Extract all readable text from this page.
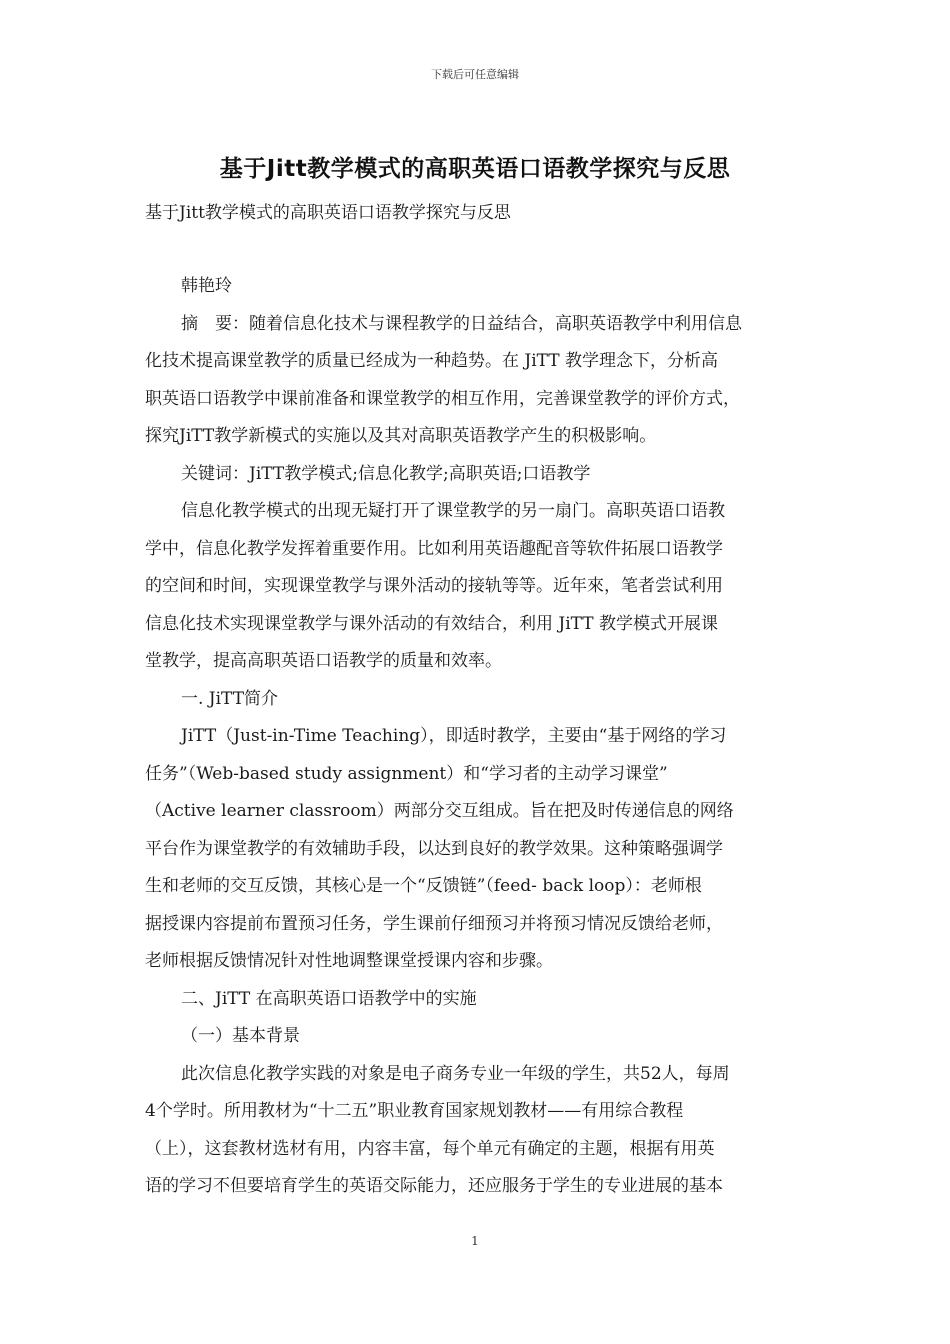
下载后可任意编辑
基于Jitt教学模式的高职英语口语教学探究与反思
基于Jitt教学模式的高职英语口语教学探究与反思
韩艳玲
摘　要：随着信息化技术与课程教学的日益结合，高职英语教学中利用信息
化技术提高课堂教学的质量已经成为一种趋势。在 JiTT 教学理念下，分析高
职英语口语教学中课前准备和课堂教学的相互作用，完善课堂教学的评价方式，
探究JiTT教学新模式的实施以及其对高职英语教学产生的积极影响。
关键词：JiTT教学模式;信息化教学;高职英语;口语教学
信息化教学模式的出现无疑打开了课堂教学的另一扇门。高职英语口语教
学中，信息化教学发挥着重要作用。比如利用英语趣配音等软件拓展口语教学
的空间和时间，实现课堂教学与课外活动的接轨等等。近年來，笔者尝试利用
信息化技术实现课堂教学与课外活动的有效结合，利用 JiTT 教学模式开展课
堂教学，提高高职英语口语教学的质量和效率。
一. JiTT简介
JiTT（Just-in-Time Teaching），即适时教学，主要由“基于网络的学习
任务”（Web-based study assignment）和“学习者的主动学习课堂”
（Active learner classroom）两部分交互组成。旨在把及时传递信息的网络
平台作为课堂教学的有效辅助手段，以达到良好的教学效果。这种策略强调学
生和老师的交互反馈，其核心是一个“反馈链”（feed- back loop）：老师根
据授课内容提前布置预习任务，学生课前仔细预习并将预习情况反馈给老师，
老师根据反馈情况针对性地调整课堂授课内容和步骤。
二、JiTT 在高职英语口语教学中的实施
（一）基本背景
此次信息化教学实践的对象是电子商务专业一年级的学生，共52人，每周
4个学时。所用教材为“十二五”职业教育国家规划教材——有用综合教程
（上），这套教材选材有用，内容丰富，每个单元有确定的主题，根据有用英
语的学习不但要培育学生的英语交际能力，还应服务于学生的专业进展的基本
1
